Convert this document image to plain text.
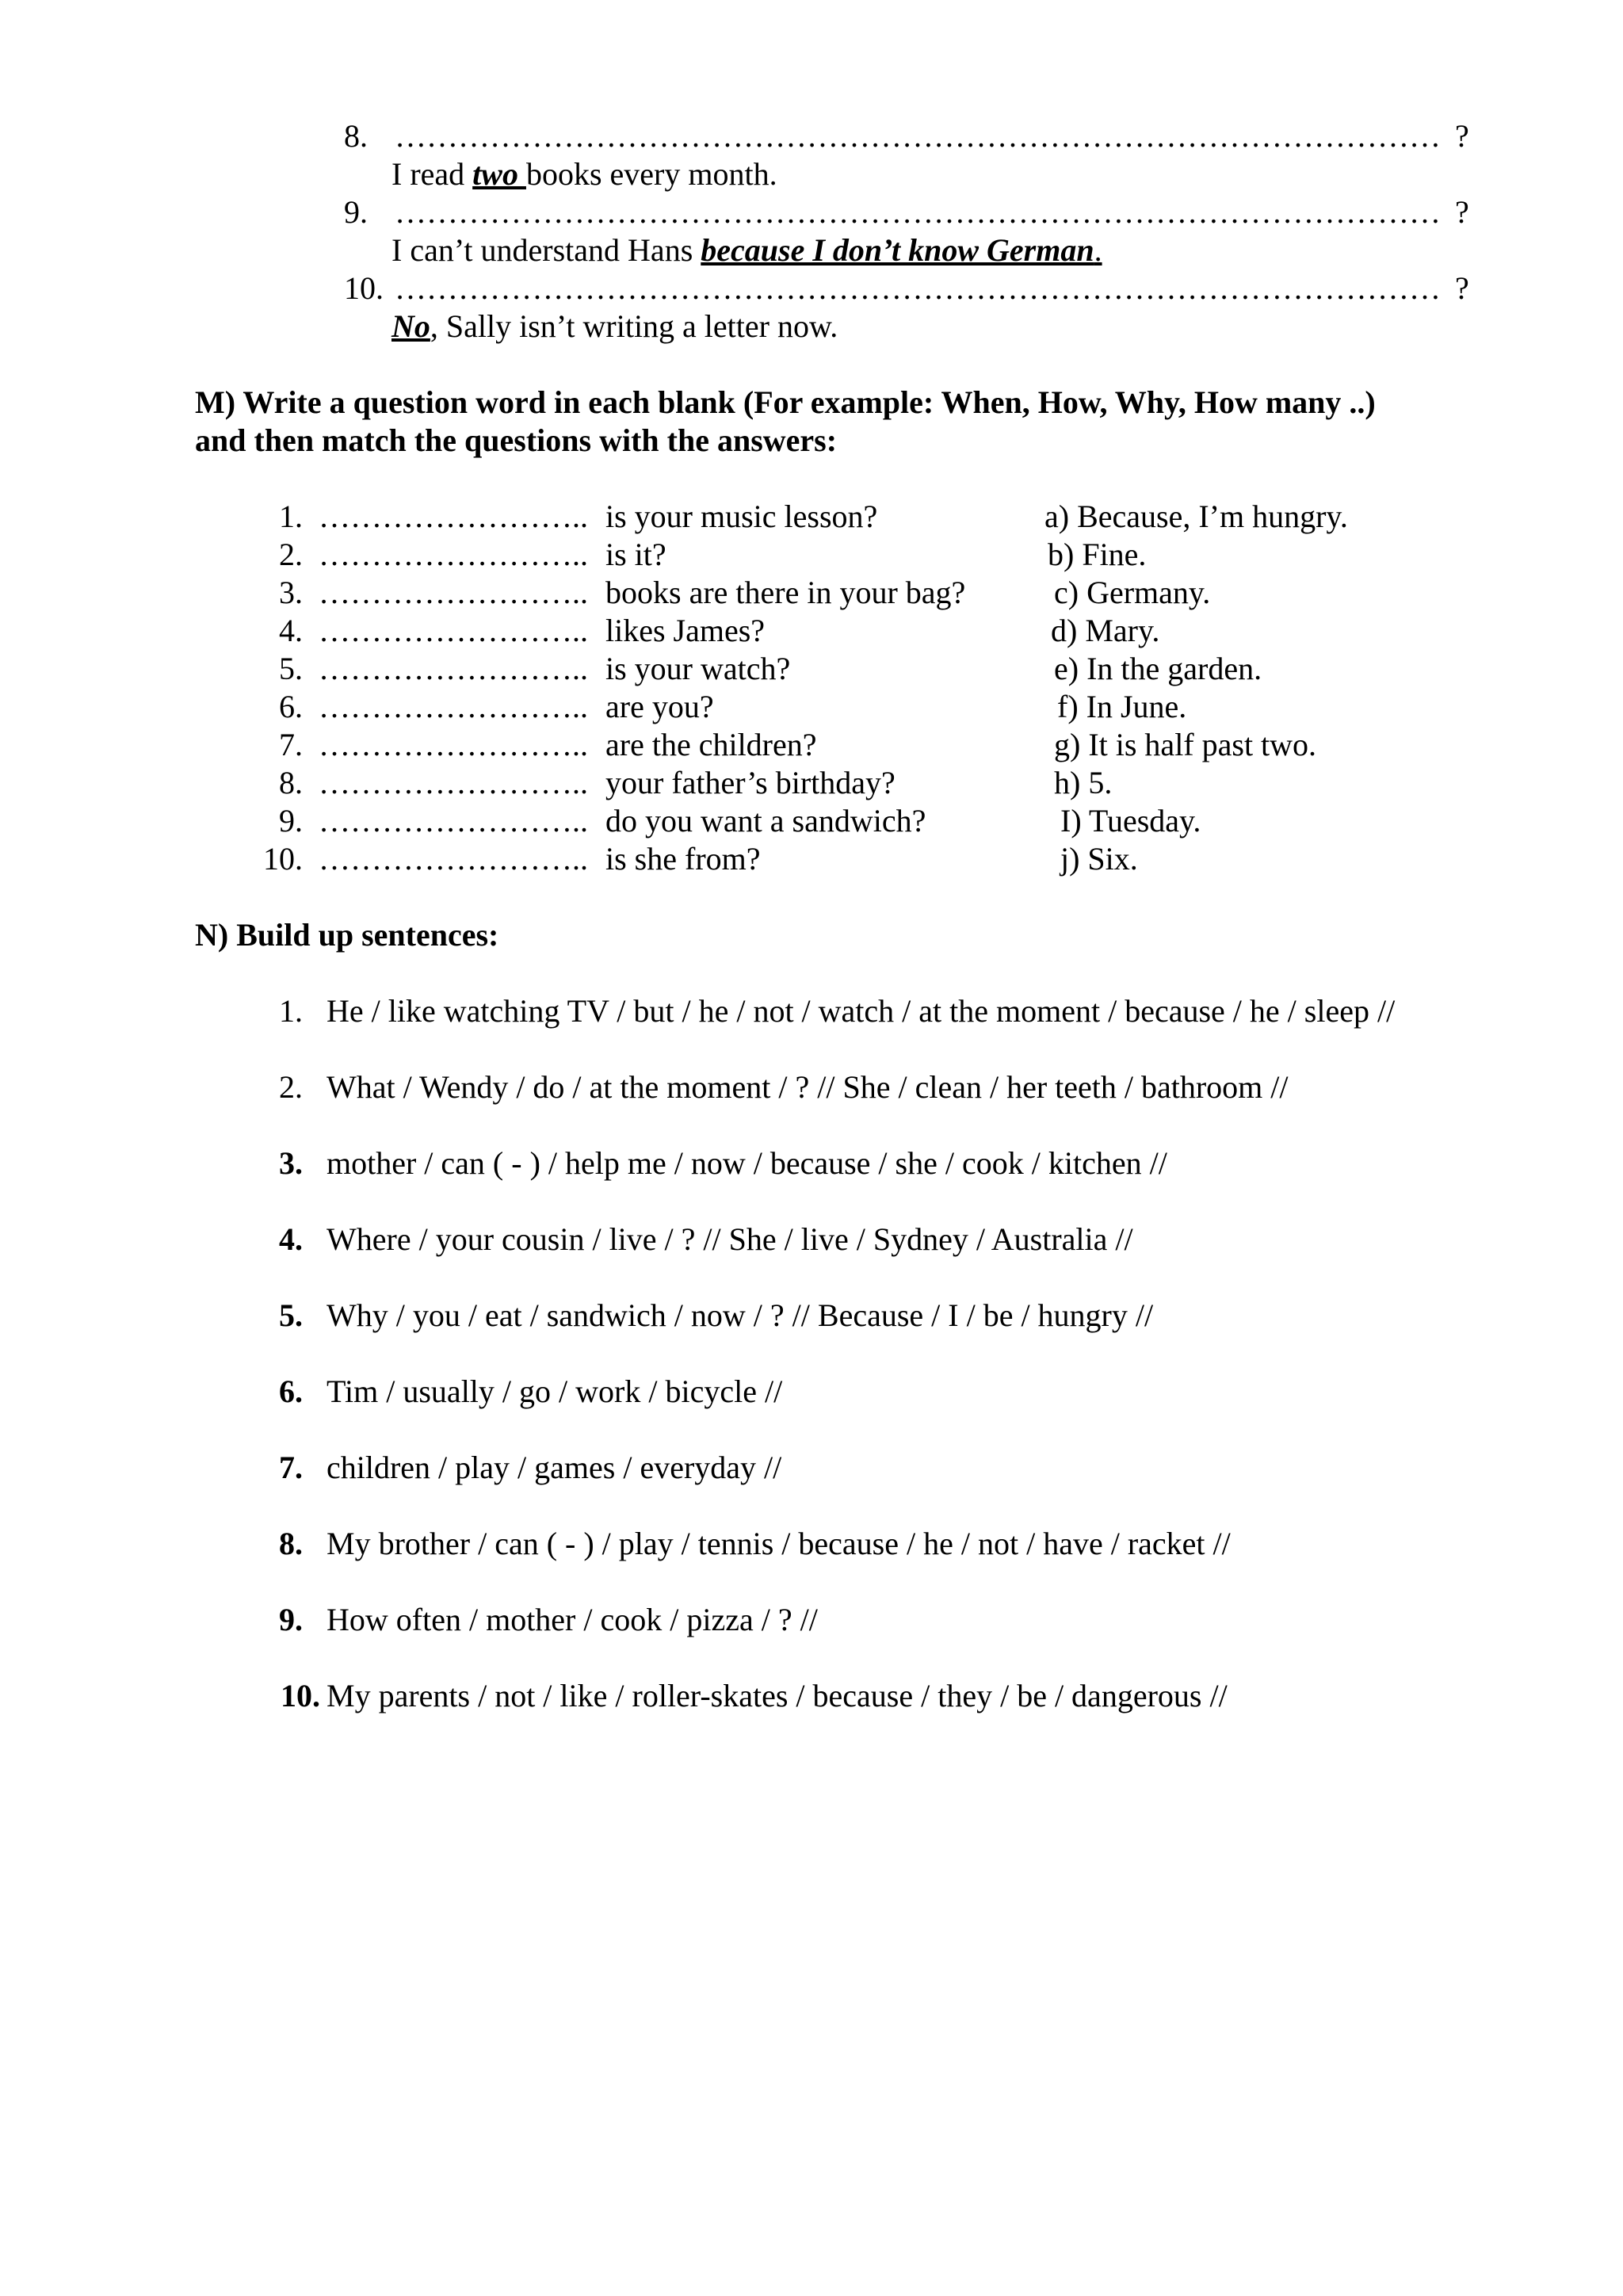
8. ……………………………………………………………………………………… ?
I read two books every month.
9. ……………………………………………………………………………………… ?
I can’t understand Hans because I don’t know German.
10. ……………………………………………………………………………………… ?
No, Sally isn’t writing a letter now.
M) Write a question word in each blank (For example: When, How, Why, How many ..)
and then match the questions with the answers:
1. …………………….. is your music lesson?	a) Because, I’m hungry.
2. …………………….. is it?	b) Fine.
3. …………………….. books are there in your bag?	c) Germany.
4. …………………….. likes James?	d) Mary.
5. …………………….. is your watch?	e) In the garden.
6. …………………….. are you?	f) In June.
7. …………………….. are the children?	g) It is half past two.
8. …………………….. your father’s birthday?	h) 5.
9. …………………….. do you want a sandwich?	I) Tuesday.
10. …………………….. is she from?	j) Six.
N) Build up sentences:
1. He / like watching TV / but / he / not / watch / at the moment / because / he / sleep //
2. What / Wendy / do / at the moment / ? // She / clean / her teeth / bathroom //
3. mother / can ( - ) / help me / now / because / she / cook / kitchen //
4. Where / your cousin / live / ? // She / live / Sydney / Australia //
5. Why / you / eat / sandwich / now / ? // Because / I / be / hungry //
6. Tim / usually / go / work / bicycle //
7. children / play / games / everyday //
8. My brother / can ( - ) / play / tennis / because / he / not / have / racket //
9. How often / mother / cook / pizza / ? //
10. My parents / not / like / roller-skates / because / they / be / dangerous //
